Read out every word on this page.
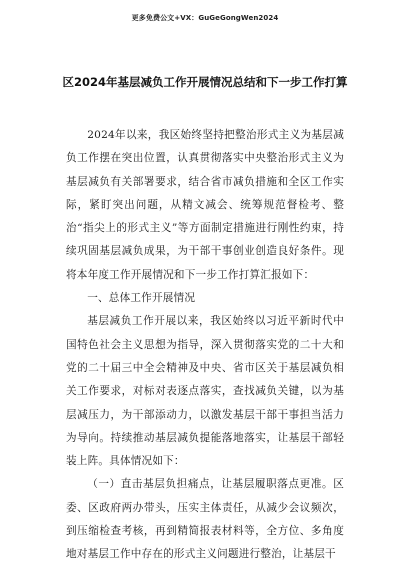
更多免费公文+VX：GuGeGongWen2024
区2024年基层减负工作开展情况总结和下一步工作打算

2024年以来，我区始终坚持把整治形式主义为基层减负工作摆在突出位置，认真贯彻落实中央整治形式主义为基层减负有关部署要求，结合省市减负措施和全区工作实际，紧盯突出问题，从精文减会、统筹规范督检考、整治“指尖上的形式主义”等方面制定措施进行刚性约束，持续巩固基层减负成果，为干部干事创业创造良好条件。现将本年度工作开展情况和下一步工作打算汇报如下：

一、总体工作开展情况

基层减负工作开展以来，我区始终以习近平新时代中国特色社会主义思想为指导，深入贯彻落实党的二十大和党的二十届三中全会精神及中央、省市区关于基层减负相关工作要求，对标对表逐点落实，查找减负关键，以为基层减压力，为干部添动力，以激发基层干部干事担当活力为导向。持续推动基层减负提能落地落实，让基层干部轻装上阵。具体情况如下：

（一）直击基层负担痛点，让基层履职落点更准。区委、区政府两办带头，压实主体责任，从减少会议频次，到压缩检查考核，再到精简报表材料等，全方位、多角度地对基层工作中存在的形式主义问题进行整治，让基层干
